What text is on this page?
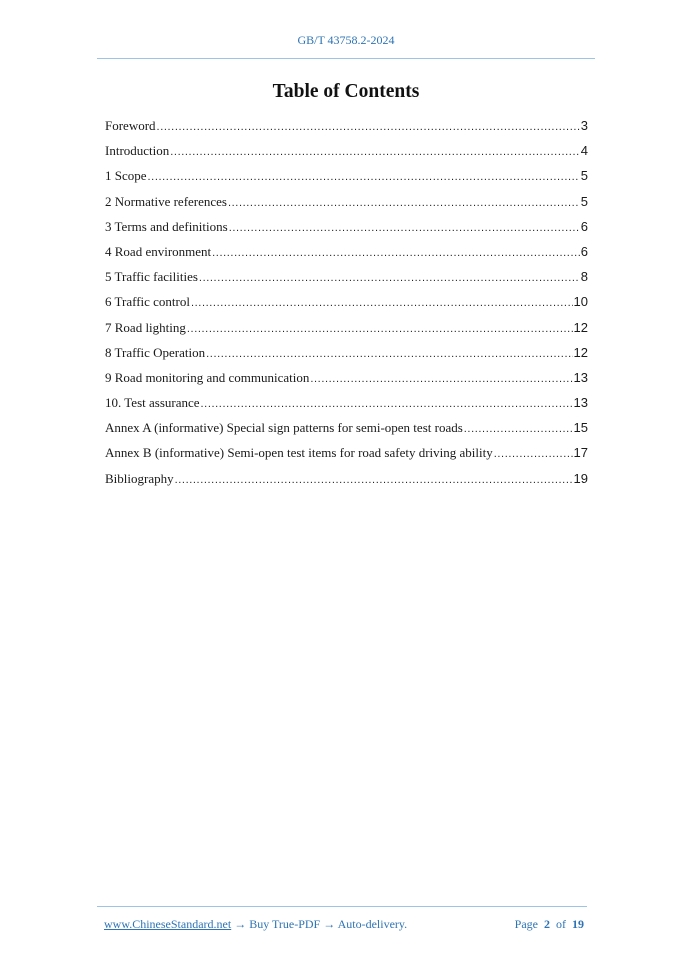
GB/T 43758.2-2024
Table of Contents
Foreword .....	3
Introduction .....	4
1 Scope .....	5
2 Normative references .....	5
3 Terms and definitions .....	6
4 Road environment .....	6
5 Traffic facilities .....	8
6 Traffic control .....	10
7 Road lighting .....	12
8 Traffic Operation .....	12
9 Road monitoring and communication .....	13
10. Test assurance .....	13
Annex A (informative) Special sign patterns for semi-open test roads .....	15
Annex B (informative) Semi-open test items for road safety driving ability .....	17
Bibliography .....	19
www.ChineseStandard.net → Buy True-PDF → Auto-delivery.	Page 2 of 19
